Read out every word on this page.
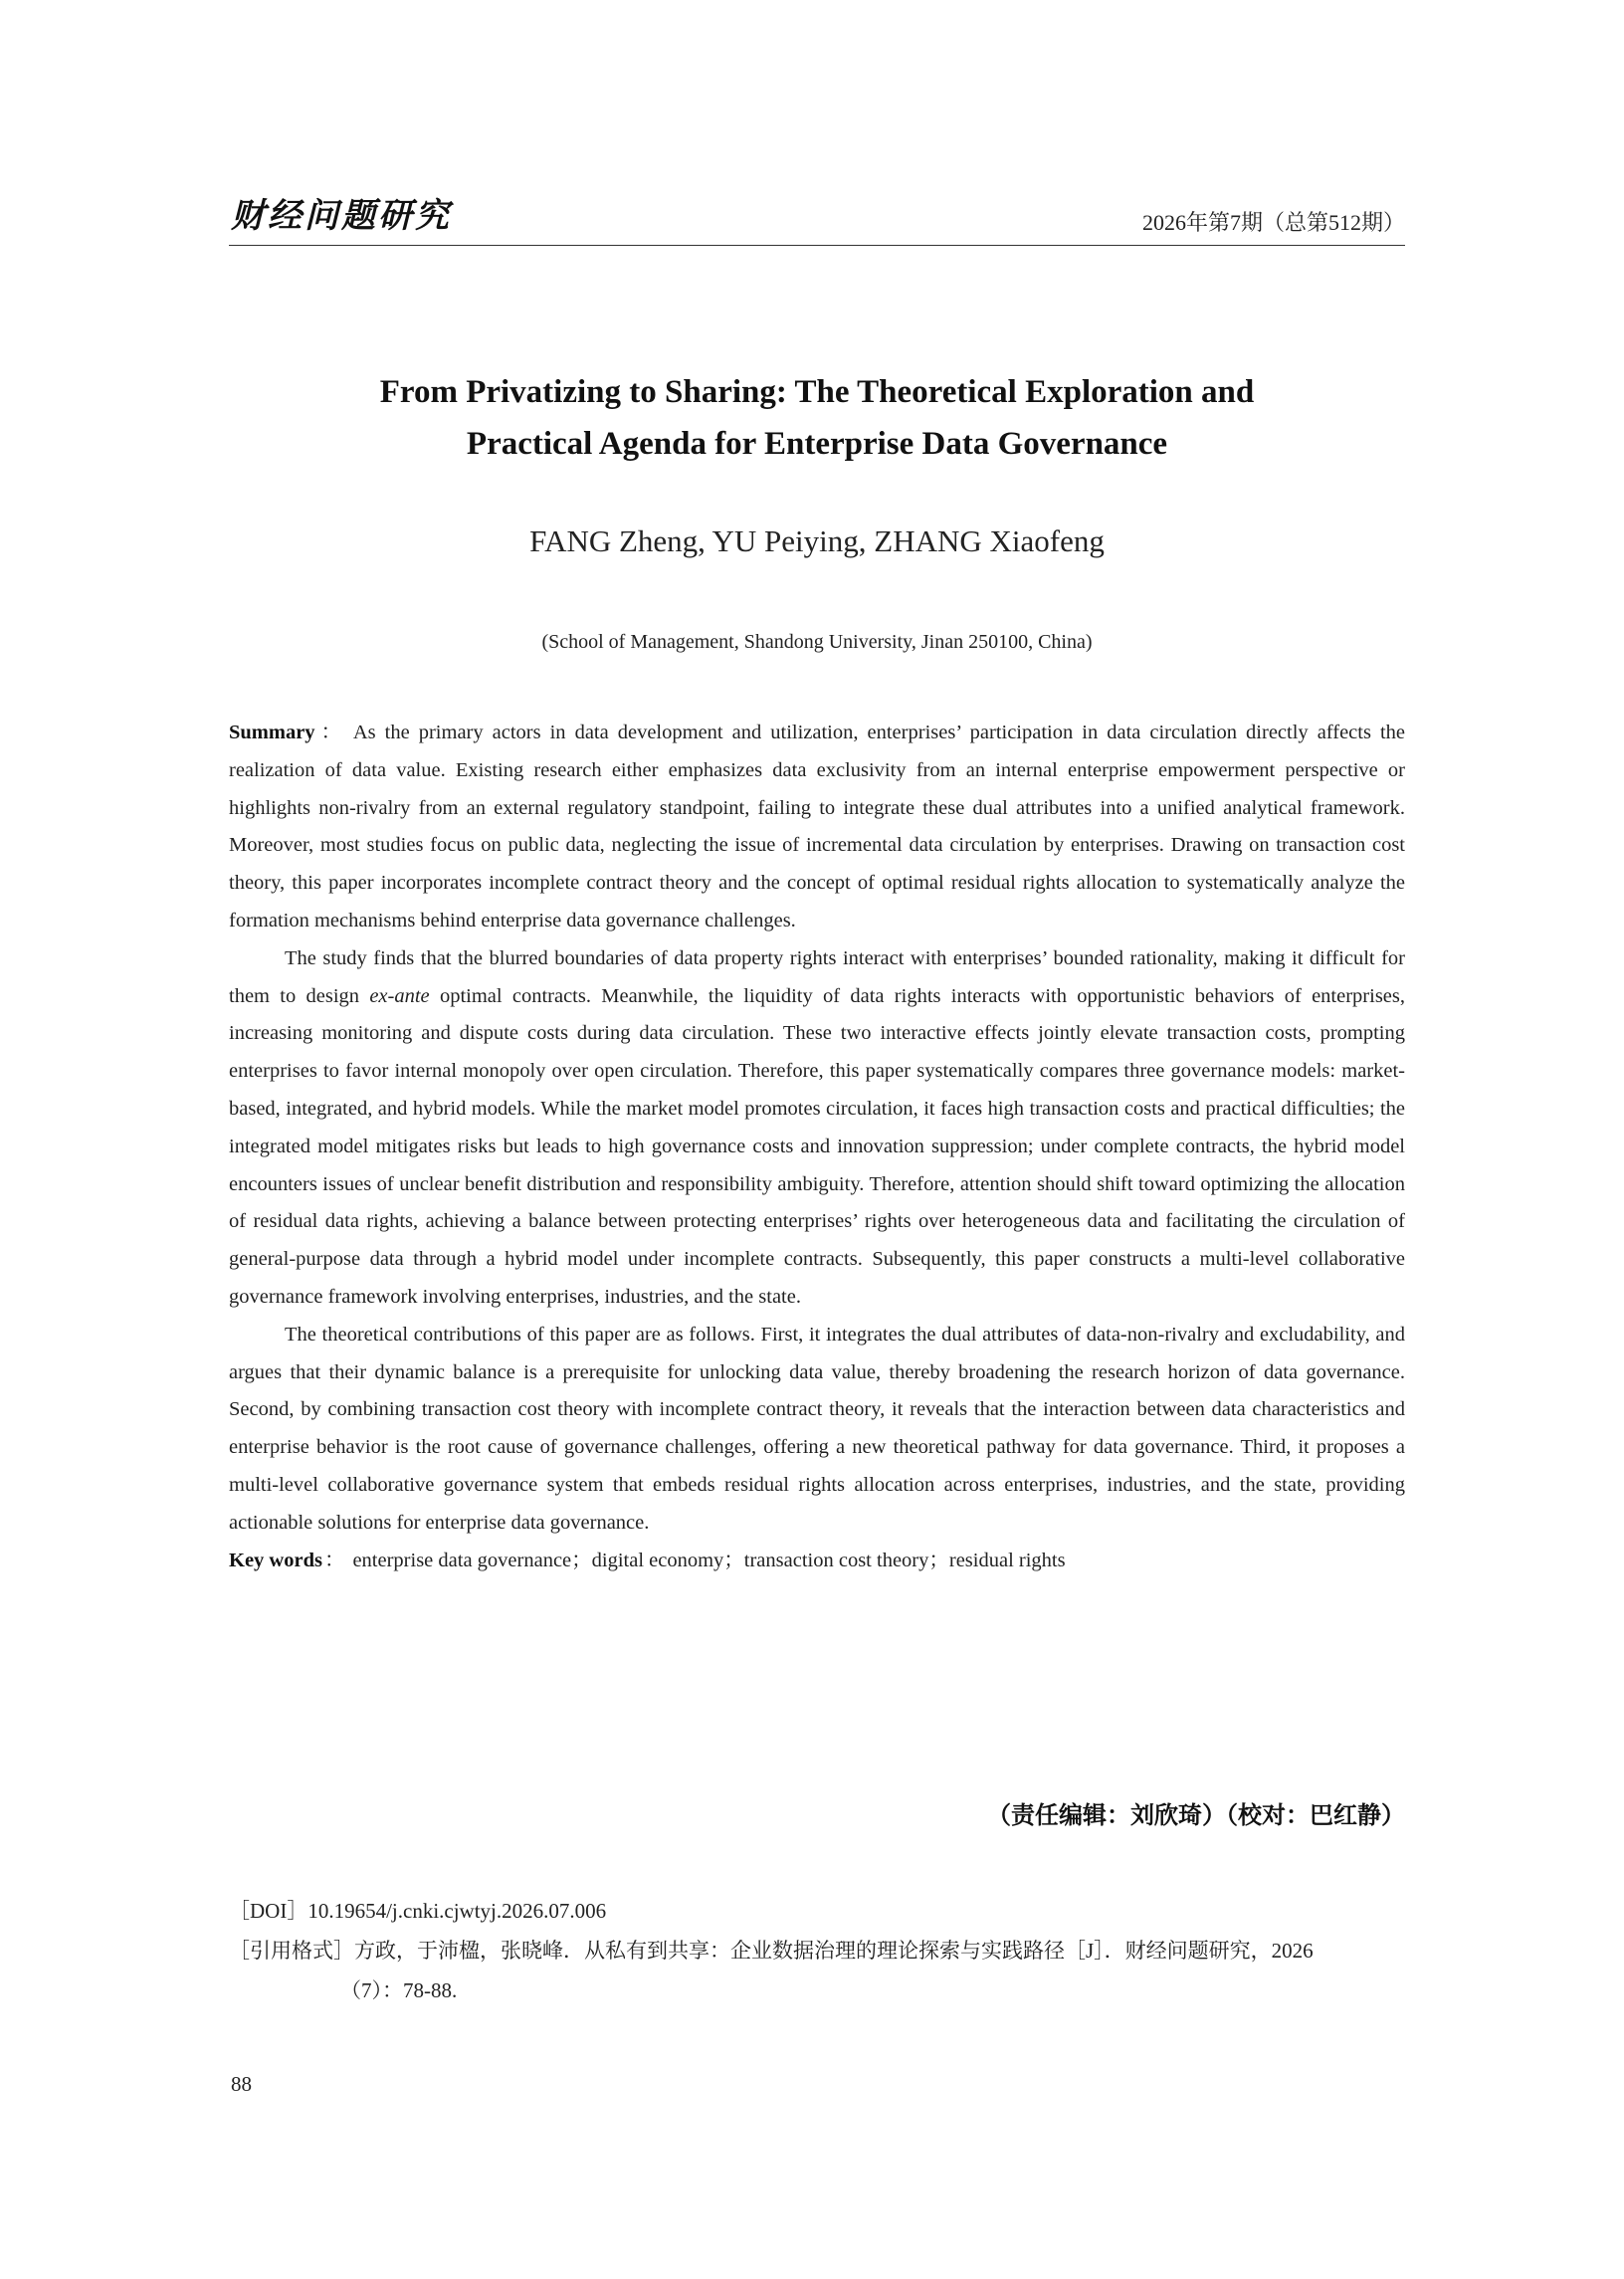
财经问题研究	2026年第7期（总第512期）
From Privatizing to Sharing: The Theoretical Exploration and
Practical Agenda for Enterprise Data Governance
FANG Zheng, YU Peiying, ZHANG Xiaofeng
(School of Management, Shandong University, Jinan 250100, China)

Summary： As the primary actors in data development and utilization, enterprises’ participation in data circulation directly affects the realization of data value. Existing research either emphasizes data exclusivity from an internal enterprise empowerment perspective or highlights non-rivalry from an external regulatory standpoint, failing to integrate these dual attributes into a unified analytical framework. Moreover, most studies focus on public data, neglecting the issue of incremental data circulation by enterprises. Drawing on transaction cost theory, this paper incorporates incomplete contract theory and the concept of optimal residual rights allocation to systematically analyze the formation mechanisms behind enterprise data governance challenges.

The study finds that the blurred boundaries of data property rights interact with enterprises’ bounded rationality, making it difficult for them to design ex-ante optimal contracts. Meanwhile, the liquidity of data rights interacts with opportunistic behaviors of enterprises, increasing monitoring and dispute costs during data circulation. These two interactive effects jointly elevate transaction costs, prompting enterprises to favor internal monopoly over open circulation. Therefore, this paper systematically compares three governance models: market-based, integrated, and hybrid models. While the market model promotes circulation, it faces high transaction costs and practical difficulties; the integrated model mitigates risks but leads to high governance costs and innovation suppression; under complete contracts, the hybrid model encounters issues of unclear benefit distribution and responsibility ambiguity. Therefore, attention should shift toward optimizing the allocation of residual data rights, achieving a balance between protecting enterprises’ rights over heterogeneous data and facilitating the circulation of general-purpose data through a hybrid model under incomplete contracts. Subsequently, this paper constructs a multi-level collaborative governance framework involving enterprises, industries, and the state.

The theoretical contributions of this paper are as follows. First, it integrates the dual attributes of data-non-rivalry and excludability, and argues that their dynamic balance is a prerequisite for unlocking data value, thereby broadening the research horizon of data governance. Second, by combining transaction cost theory with incomplete contract theory, it reveals that the interaction between data characteristics and enterprise behavior is the root cause of governance challenges, offering a new theoretical pathway for data governance. Third, it proposes a multi-level collaborative governance system that embeds residual rights allocation across enterprises, industries, and the state, providing actionable solutions for enterprise data governance.

Key words： enterprise data governance；digital economy；transaction cost theory；residual rights

（责任编辑：刘欣琦）（校对：巴红静）
［DOI］10.19654/j.cnki.cjwtyj.2026.07.006
［引用格式］方政，于沛楹，张晓峰．从私有到共享：企业数据治理的理论探索与实践路径［J］．财经问题研究，2026
（7）：78-88.
88
